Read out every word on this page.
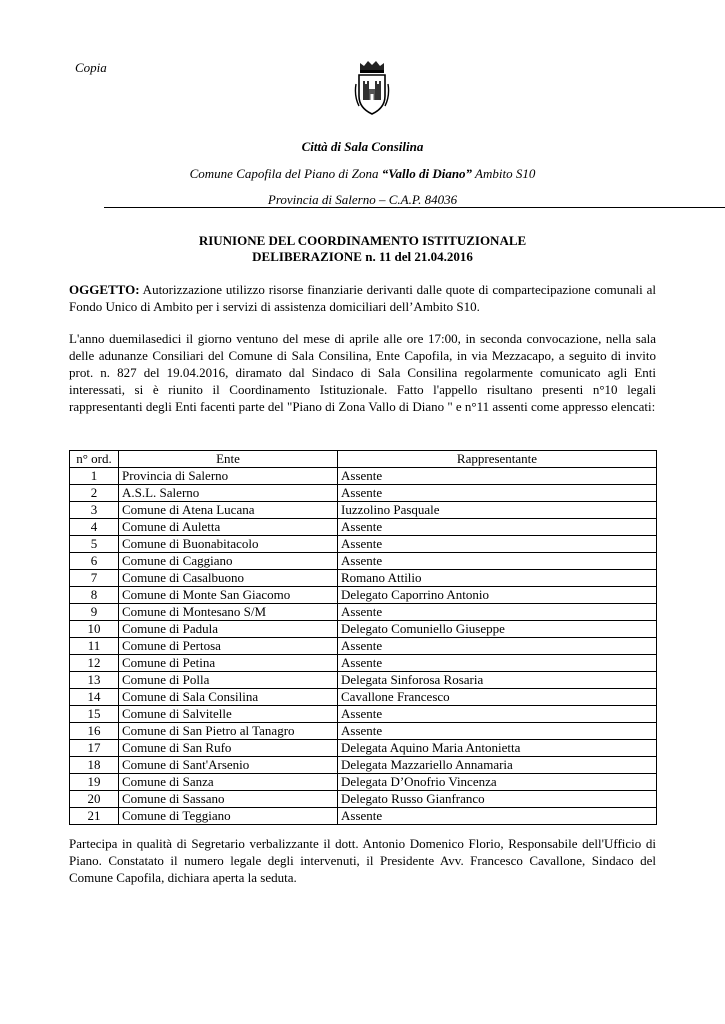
Copia
Città di Sala Consilina
Comune Capofila del Piano di Zona “Vallo di Diano” Ambito S10
Provincia di Salerno – C.A.P. 84036
RIUNIONE DEL COORDINAMENTO ISTITUZIONALE
DELIBERAZIONE n. 11 del 21.04.2016
OGGETTO: Autorizzazione utilizzo risorse finanziarie derivanti dalle quote di compartecipazione comunali al Fondo Unico di Ambito per i servizi di assistenza domiciliari dell’Ambito S10.
L'anno duemilasedici il giorno ventuno del mese di aprile alle ore 17:00, in seconda convocazione, nella sala delle adunanze Consiliari del Comune di Sala Consilina, Ente Capofila, in via Mezzacapo, a seguito di invito prot. n. 827 del 19.04.2016, diramato dal Sindaco di Sala Consilina regolarmente comunicato agli Enti interessati, si è riunito il Coordinamento Istituzionale. Fatto l'appello risultano presenti n°10 legali rappresentanti degli Enti facenti parte del "Piano di Zona Vallo di Diano " e n°11 assenti come appresso elencati:
n° ord.	Ente	Rappresentante
1	Provincia di Salerno	Assente
2	A.S.L. Salerno	Assente
3	Comune di Atena Lucana	Iuzzolino Pasquale
4	Comune di Auletta	Assente
5	Comune di Buonabitacolo	Assente
6	Comune di Caggiano	Assente
7	Comune di Casalbuono	Romano Attilio
8	Comune di Monte San Giacomo	Delegato Caporrino Antonio
9	Comune di Montesano S/M	Assente
10	Comune di Padula	Delegato Comuniello Giuseppe
11	Comune di Pertosa	Assente
12	Comune di Petina	Assente
13	Comune di Polla	Delegata Sinforosa Rosaria
14	Comune di Sala Consilina	Cavallone Francesco
15	Comune di Salvitelle	Assente
16	Comune di San Pietro al Tanagro	Assente
17	Comune di San Rufo	Delegata Aquino Maria Antonietta
18	Comune di Sant'Arsenio	Delegata Mazzariello Annamaria
19	Comune di Sanza	Delegata D’Onofrio Vincenza
20	Comune di Sassano	Delegato Russo Gianfranco
21	Comune di Teggiano	Assente
Partecipa in qualità di Segretario verbalizzante il dott. Antonio Domenico Florio, Responsabile dell'Ufficio di Piano. Constatato il numero legale degli intervenuti, il Presidente Avv. Francesco Cavallone, Sindaco del Comune Capofila, dichiara aperta la seduta.
